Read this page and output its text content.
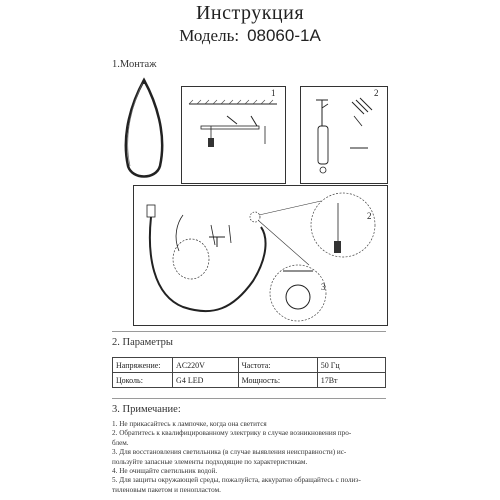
Инструкция
Модель: 08060-1A
1.Монтаж
1	2
2
3
2. Параметры
Напряжение:	AC220V	Частота:	50 Гц
Цоколь:	G4 LED	Мощность:	17Вт
3. Примечание:
1. Не прикасайтесь к лампочке, когда она светится
2. Обратитесь к квалифицированному электрику в случае возникновения про-
блем.
3. Для восстановления светильника (в случае выявления неисправности) ис-
пользуйте запасные элементы подходящие по характеристикам.
4. Не очищайте светильник водой.
5. Для защиты окружающей среды, пожалуйста, аккуратно обращайтесь с полиэ-
тиленовым пакетом и пенопластом.
